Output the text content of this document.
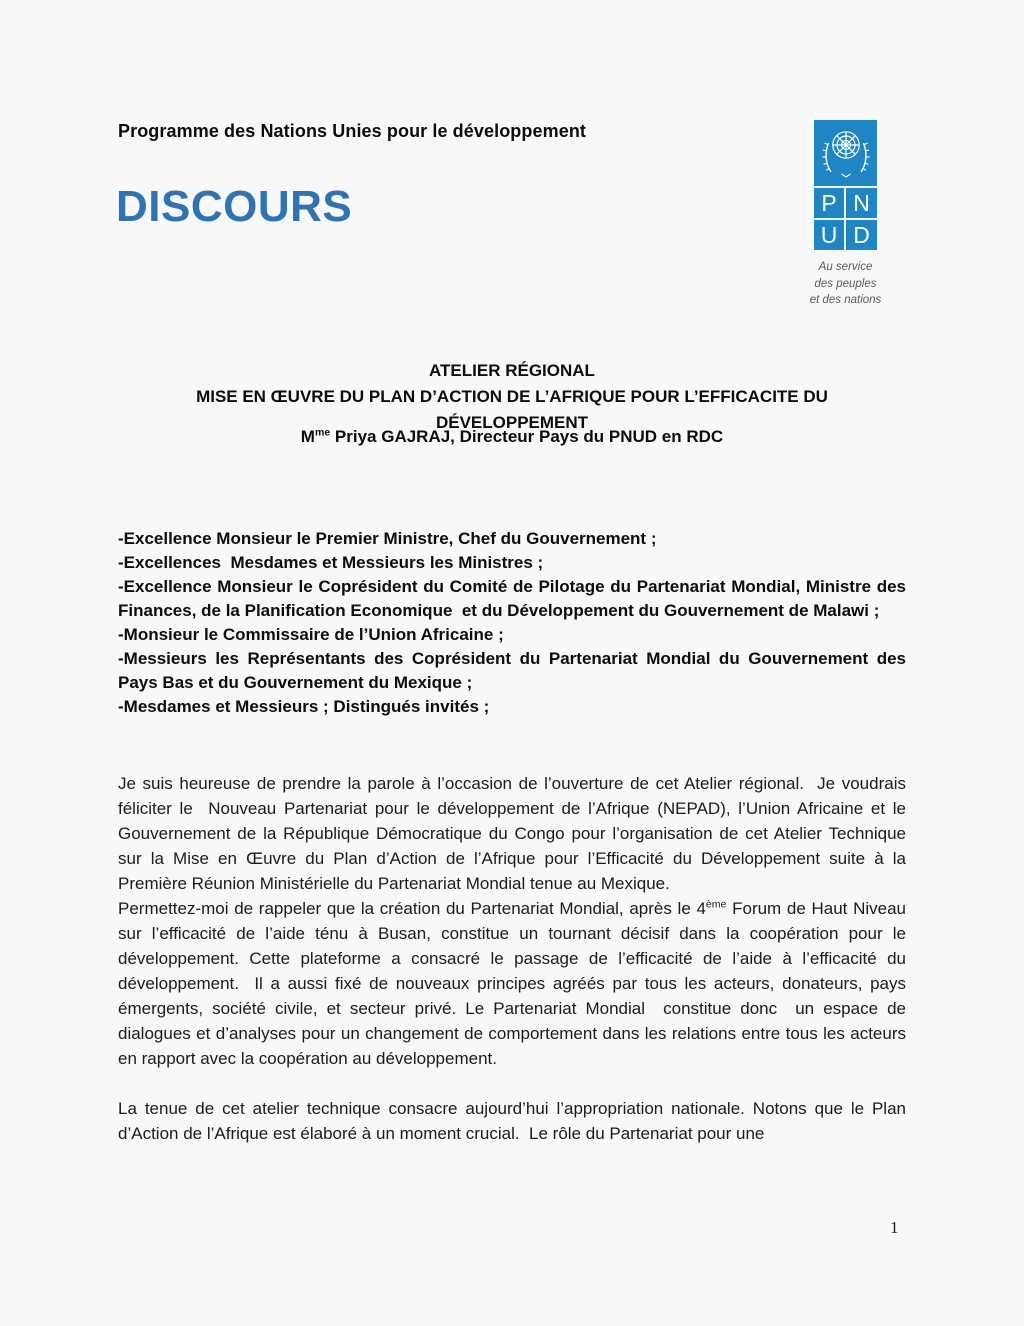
Programme des Nations Unies pour le développement
DISCOURS	P N
U D
Au service
des peuples
et des nations
ATELIER RÉGIONAL
MISE EN ŒUVRE DU PLAN D’ACTION DE L’AFRIQUE POUR L’EFFICACITE DU DÉVELOPPEMENT
$M^{me}$ Priya GAJRAJ, Directeur Pays du PNUD en RDC

-Excellence Monsieur le Premier Ministre, Chef du Gouvernement ;

-Excellences  Mesdames et Messieurs les Ministres ;

-Excellence Monsieur le Coprésident du Comité de Pilotage du Partenariat Mondial, Ministre des Finances, de la Planification Economique  et du Développement du Gouvernement de Malawi ;

-Monsieur le Commissaire de l’Union Africaine ;

-Messieurs les Représentants des Coprésident du Partenariat Mondial du Gouvernement des Pays Bas et du Gouvernement du Mexique ;

-Mesdames et Messieurs ; Distingués invités ;

Je suis heureuse de prendre la parole à l’occasion de l’ouverture de cet Atelier régional.  Je voudrais féliciter le  Nouveau Partenariat pour le développement de l’Afrique (NEPAD), l’Union Africaine et le Gouvernement de la République Démocratique du Congo pour l’organisation de cet Atelier Technique sur la Mise en Œuvre du Plan d’Action de l’Afrique pour l’Efficacité du Développement suite à la Première Réunion Ministérielle du Partenariat Mondial tenue au Mexique.

Permettez-moi de rappeler que la création du Partenariat Mondial, après le 4ème Forum de Haut Niveau sur l’efficacité de l’aide ténu à Busan, constitue un tournant décisif dans la coopération pour le développement. Cette plateforme a consacré le passage de l’efficacité de l’aide à l’efficacité du développement.  Il a aussi fixé de nouveaux principes agréés par tous les acteurs, donateurs, pays émergents, société civile, et secteur privé. Le Partenariat Mondial  constitue donc  un espace de dialogues et d’analyses pour un changement de comportement dans les relations entre tous les acteurs en rapport avec la coopération au développement.

La tenue de cet atelier technique consacre aujourd’hui l’appropriation nationale. Notons que le Plan d’Action de l’Afrique est élaboré à un moment crucial.  Le rôle du Partenariat pour une

1
